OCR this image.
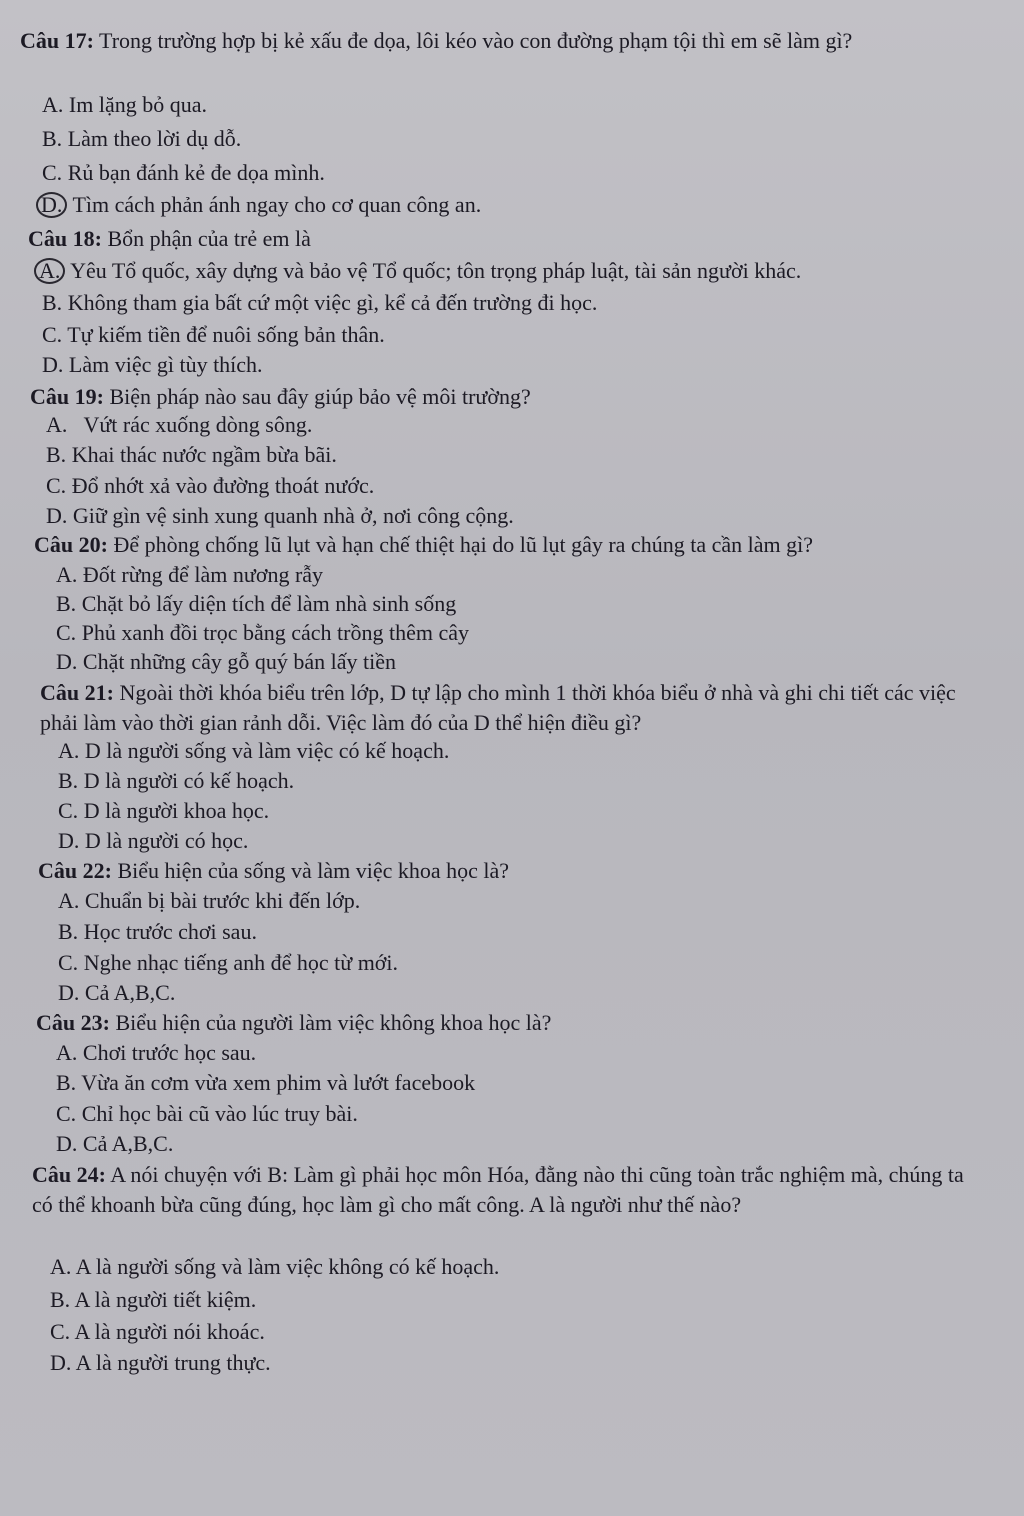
Câu 17: Trong trường hợp bị kẻ xấu đe dọa, lôi kéo vào con đường phạm tội thì em sẽ làm gì?

A. Im lặng bỏ qua.
B. Làm theo lời dụ dỗ.
C. Rủ bạn đánh kẻ đe dọa mình.
D. Tìm cách phản ánh ngay cho cơ quan công an.

Câu 18: Bổn phận của trẻ em là

A. Yêu Tổ quốc, xây dựng và bảo vệ Tổ quốc; tôn trọng pháp luật, tài sản người khác.
B. Không tham gia bất cứ một việc gì, kể cả đến trường đi học.
C. Tự kiếm tiền để nuôi sống bản thân.
D. Làm việc gì tùy thích.

Câu 19: Biện pháp nào sau đây giúp bảo vệ môi trường?

A.   Vứt rác xuống dòng sông.
B. Khai thác nước ngầm bừa bãi.
C. Đổ nhớt xả vào đường thoát nước.
D. Giữ gìn vệ sinh xung quanh nhà ở, nơi công cộng.

Câu 20: Để phòng chống lũ lụt và hạn chế thiệt hại do lũ lụt gây ra chúng ta cần làm gì?

A. Đốt rừng để làm nương rẫy
B. Chặt bỏ lấy diện tích để làm nhà sinh sống
C. Phủ xanh đồi trọc bằng cách trồng thêm cây
D. Chặt những cây gỗ quý bán lấy tiền

Câu 21: Ngoài thời khóa biểu trên lớp, D tự lập cho mình 1 thời khóa biểu ở nhà và ghi chi tiết các việc phải làm vào thời gian rảnh dỗi. Việc làm đó của D thể hiện điều gì?

A. D là người sống và làm việc có kế hoạch.
B. D là người có kế hoạch.
C. D là người khoa học.
D. D là người có học.

Câu 22: Biểu hiện của sống và làm việc khoa học là?

A. Chuẩn bị bài trước khi đến lớp.
B. Học trước chơi sau.
C. Nghe nhạc tiếng anh để học từ mới.
D. Cả A,B,C.

Câu 23: Biểu hiện của người làm việc không khoa học là?

A. Chơi trước học sau.
B. Vừa ăn cơm vừa xem phim và lướt facebook
C. Chỉ học bài cũ vào lúc truy bài.
D. Cả A,B,C.

Câu 24: A nói chuyện với B: Làm gì phải học môn Hóa, đằng nào thi cũng toàn trắc nghiệm mà, chúng ta có thể khoanh bừa cũng đúng, học làm gì cho mất công. A là người như thế nào?

A. A là người sống và làm việc không có kế hoạch.
B. A là người tiết kiệm.
C. A là người nói khoác.
D. A là người trung thực.
